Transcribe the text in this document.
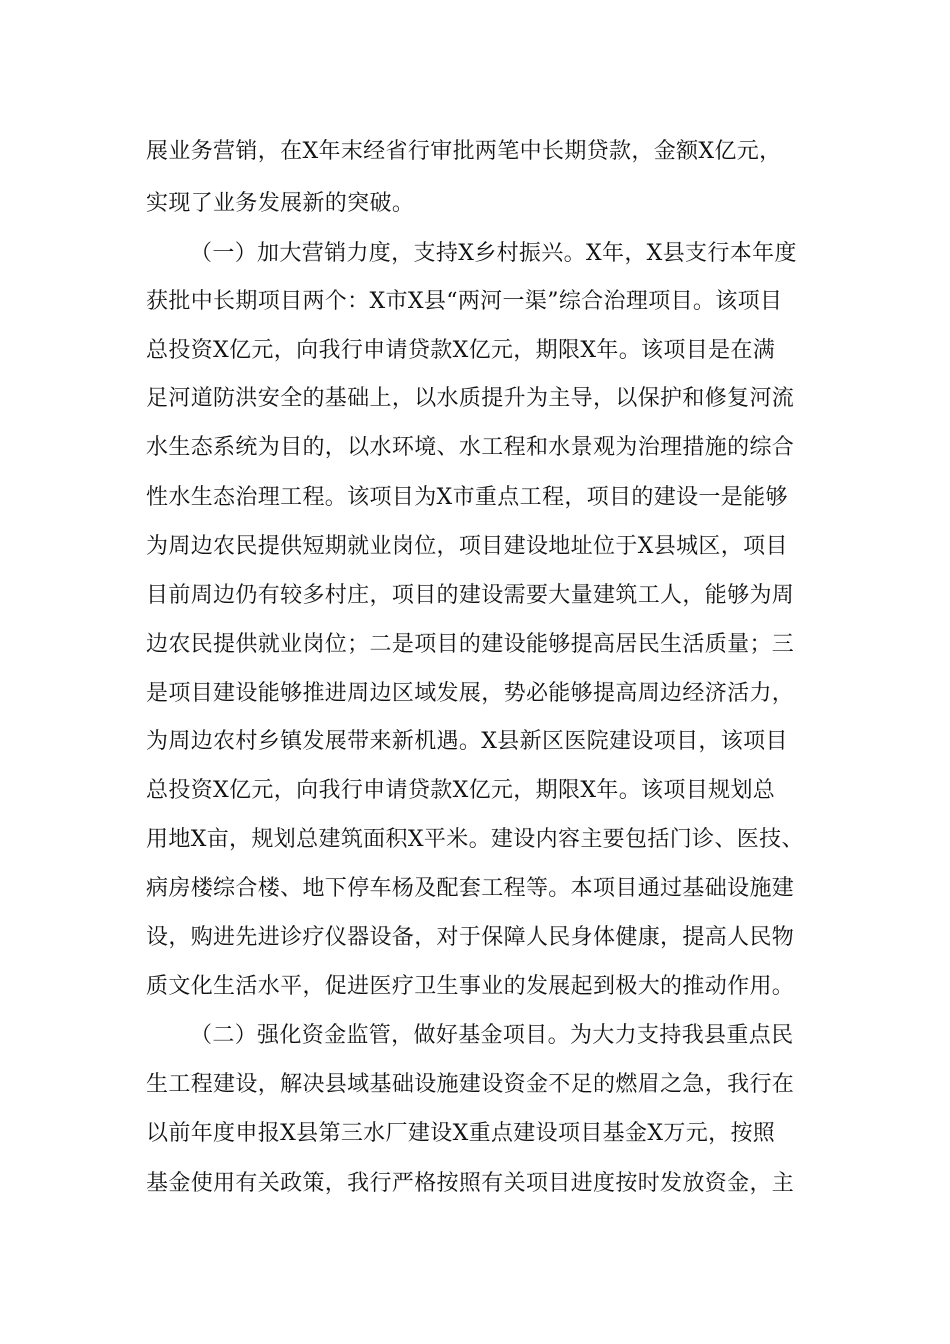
展业务营销，在X年末经省行审批两笔中长期贷款，金额X亿元，
实现了业务发展新的突破。
（一）加大营销力度，支持X乡村振兴。X年，X县支行本年度
获批中长期项目两个：X市X县“两河一渠”综合治理项目。该项目
总投资X亿元，向我行申请贷款X亿元，期限X年。该项目是在满
足河道防洪安全的基础上，以水质提升为主导，以保护和修复河流
水生态系统为目的，以水环境、水工程和水景观为治理措施的综合
性水生态治理工程。该项目为X市重点工程，项目的建设一是能够
为周边农民提供短期就业岗位，项目建设地址位于X县城区，项目
目前周边仍有较多村庄，项目的建设需要大量建筑工人，能够为周
边农民提供就业岗位；二是项目的建设能够提高居民生活质量；三
是项目建设能够推进周边区域发展，势必能够提高周边经济活力，
为周边农村乡镇发展带来新机遇。X县新区医院建设项目，该项目
总投资X亿元，向我行申请贷款X亿元，期限X年。该项目规划总
用地X亩，规划总建筑面积X平米。建设内容主要包括门诊、医技、
病房楼综合楼、地下停车杨及配套工程等。本项目通过基础设施建
设，购进先进诊疗仪器设备，对于保障人民身体健康，提高人民物
质文化生活水平，促进医疗卫生事业的发展起到极大的推动作用。
（二）强化资金监管，做好基金项目。为大力支持我县重点民
生工程建设，解决县域基础设施建设资金不足的燃眉之急，我行在
以前年度申报X县第三水厂建设X重点建设项目基金X万元，按照
基金使用有关政策，我行严格按照有关项目进度按时发放资金，主
